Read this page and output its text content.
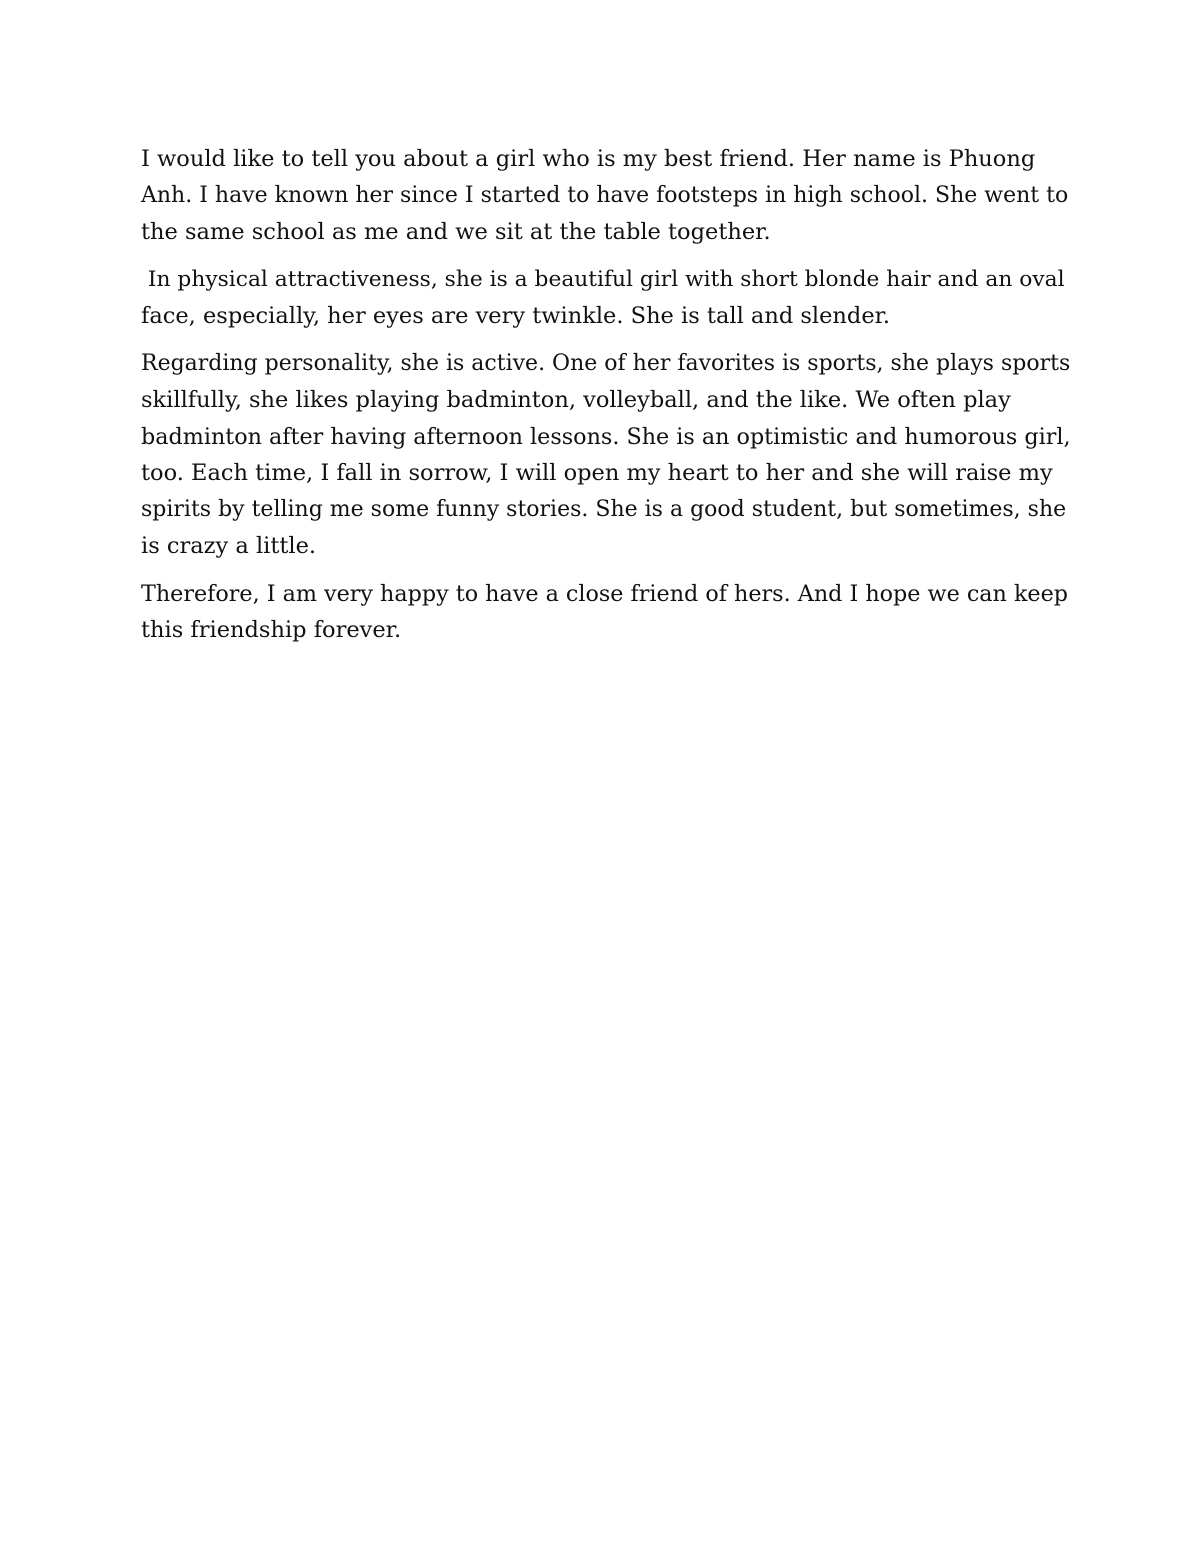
I would like to tell you about a girl who is my best friend. Her name is Phuong
Anh. I have known her since I started to have footsteps in high school. She went to
the same school as me and we sit at the table together.

In physical attractiveness, she is a beautiful girl with short blonde hair and an oval
face, especially, her eyes are very twinkle. She is tall and slender.

Regarding personality, she is active. One of her favorites is sports, she plays sports
skillfully, she likes playing badminton, volleyball, and the like. We often play
badminton after having afternoon lessons. She is an optimistic and humorous girl,
too. Each time, I fall in sorrow, I will open my heart to her and she will raise my
spirits by telling me some funny stories. She is a good student, but sometimes, she
is crazy a little.

Therefore, I am very happy to have a close friend of hers. And I hope we can keep
this friendship forever.
